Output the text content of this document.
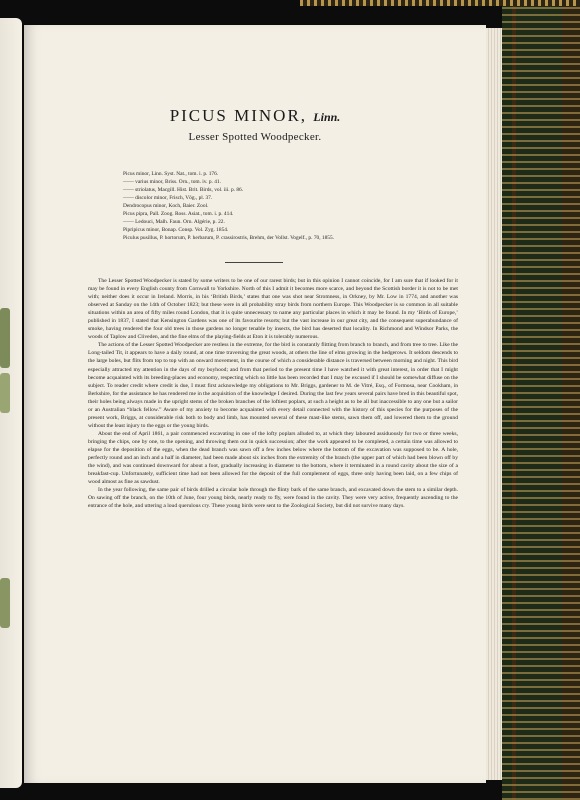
PICUS MINOR, Linn.
Lesser Spotted Woodpecker.
Picus minor, Linn. Syst. Nat., tom. i. p. 176.
—— varius minor, Briss. Orn., tom. iv. p. 41.
—— striolatus, Macgill. Hist. Brit. Birds, vol. iii. p. 86.
—— discolor minor, Frisch, Vög., pl. 37.
Dendrocopus minor, Koch, Baier. Zool.
Picus pipra, Pall. Zoog. Ross. Asiat., tom. i. p. 414.
—— Ledouci, Malh. Faun. Orn. Algérie, p. 22.
Pipripicus minor, Bonap. Consp. Vol. Zyg. 1854.
Piculus pusillus, P. hortorum, P. herbarum, P. crassirostris, Brehm, der Vollst. Vogelf., p. 70, 1855.

The Lesser Spotted Woodpecker is stated by some writers to be one of our rarest birds; but in this opinion I cannot coincide, for I am sure that if looked for it may be found in every English county from Cornwall to Yorkshire. North of this I admit it becomes more scarce, and beyond the Scottish border it is not to be met with; neither does it occur in Ireland. Morris, in his ‘British Birds,’ states that one was shot near Stromness, in Orkney, by Mr. Low in 1774, and another was observed at Sanday on the 14th of October 1823; but these were in all probability stray birds from northern Europe. This Woodpecker is so common in all suitable situations within an area of fifty miles round London, that it is quite unnecessary to name any particular places in which it may be found. In my ‘Birds of Europe,’ published in 1837, I stated that Kensington Gardens was one of its favourite resorts; but the vast increase in our great city, and the consequent superabundance of smoke, having rendered the four old trees in those gardens no longer tenable by insects, the bird has deserted that locality. In Richmond and Windsor Parks, the woods of Taplow and Cliveden, and the fine elms of the playing-fields at Eton it is tolerably numerous.

The actions of the Lesser Spotted Woodpecker are restless in the extreme, for the bird is constantly flitting from branch to branch, and from tree to tree. Like the Long-tailed Tit, it appears to have a daily round, at one time traversing the great woods, at others the line of elms growing in the hedgerows. It seldom descends to the large boles, but flits from top to top with an onward movement, in the course of which a considerable distance is traversed between morning and night. This bird especially attracted my attention in the days of my boyhood; and from that period to the present time I have watched it with great interest, in order that I might become acquainted with its breeding-places and economy, respecting which so little has been recorded that I may be excused if I should be somewhat diffuse on the subject. To reader credit where credit is due, I must first acknowledge my obligations to Mr. Briggs, gardener to M. de Vitré, Esq., of Formosa, near Cookham, in Berkshire, for the assistance he has rendered me in the acquisition of the knowledge I desired. During the last few years several pairs have bred in this beautiful spot, their holes being always made in the upright stems of the broken branches of the loftiest poplars, at such a height as to be all but inaccessible to any one but a sailor or an Australian “black fellow.” Aware of my anxiety to become acquainted with every detail connected with the history of this species for the purposes of the present work, Briggs, at considerable risk both to body and limb, has mounted several of these mast-like stems, sawn them off, and lowered them to the ground without the least injury to the eggs or the young birds.

About the end of April 1861, a pair commenced excavating in one of the lofty poplars alluded to, at which they laboured assiduously for two or three weeks, bringing the chips, one by one, to the opening, and throwing them out in quick succession; after the work appeared to be completed, a certain time was allowed to elapse for the deposition of the eggs, when the dead branch was sawn off a few inches below where the bottom of the excavation was supposed to be. A hole, perfectly round and an inch and a half in diameter, had been made about six inches from the extremity of the branch (the upper part of which had been blown off by the wind), and was continued downward for about a foot, gradually increasing in diameter to the bottom, where it terminated in a round cavity about the size of a breakfast-cup. Unfortunately, sufficient time had not been allowed for the deposit of the full complement of eggs, three only having been laid, on a few chips of wood almost as fine as sawdust.

In the year following, the same pair of birds drilled a circular hole through the flinty bark of the same branch, and excavated down the stem to a similar depth. On sawing off the branch, on the 10th of June, four young birds, nearly ready to fly, were found in the cavity. They were very active, frequently ascending to the entrance of the hole, and uttering a loud querulous cry. These young birds were sent to the Zoological Society, but did not survive many days.
